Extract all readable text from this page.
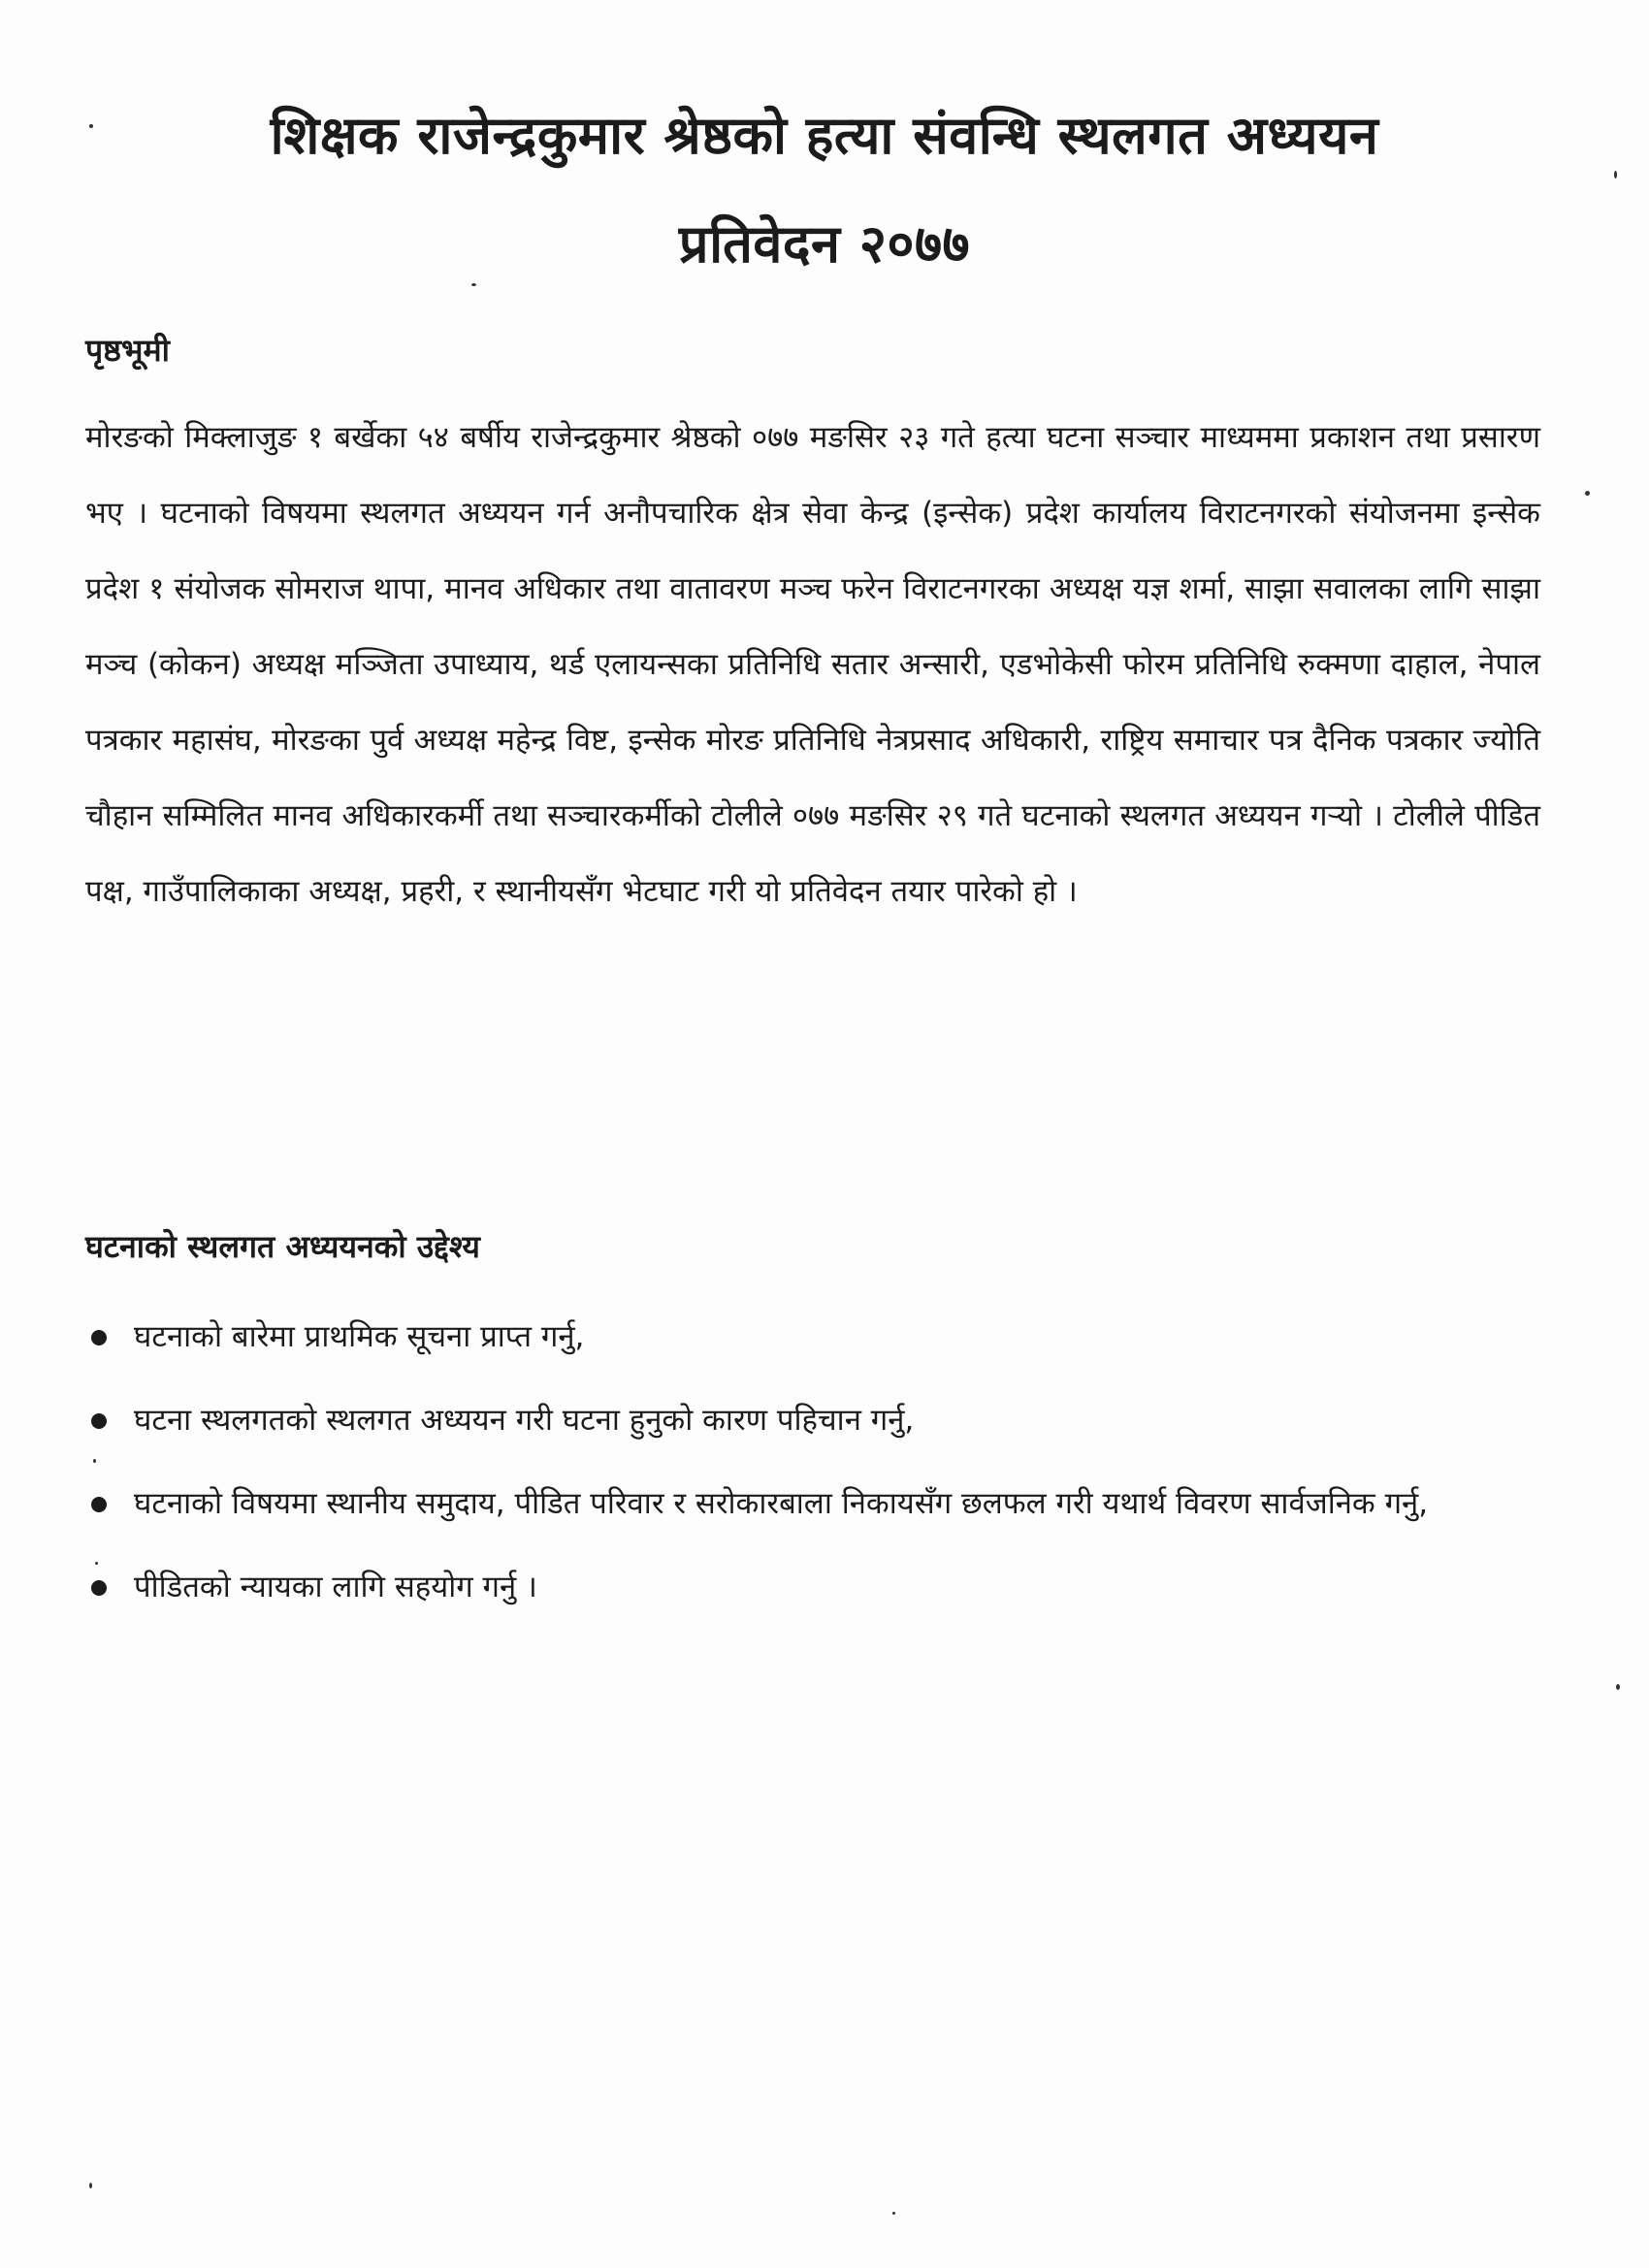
शिक्षक राजेन्द्रकुमार श्रेष्ठको हत्या संवन्धि स्थलगत अध्ययन
प्रतिवेदन २०७७
पृष्ठभूमी

मोरङको मिक्लाजुङ १ बर्खेका ५४ बर्षीय राजेन्द्रकुमार श्रेष्ठको ०७७ मङसिर २३ गते हत्या घटना सञ्चार माध्यममा प्रकाशन तथा प्रसारण भए । घटनाको विषयमा स्थलगत अध्ययन गर्न अनौपचारिक क्षेत्र सेवा केन्द्र (इन्सेक) प्रदेश कार्यालय विराटनगरको संयोजनमा इन्सेक प्रदेश १ संयोजक सोमराज थापा, मानव अधिकार तथा वातावरण मञ्च फरेन विराटनगरका अध्यक्ष यज्ञ शर्मा, साझा सवालका लागि साझा मञ्च (कोकन) अध्यक्ष मञ्जिता उपाध्याय, थर्ड एलायन्सका प्रतिनिधि सतार अन्सारी, एडभोकेसी फोरम प्रतिनिधि रुक्मणा दाहाल, नेपाल पत्रकार महासंघ, मोरङका पुर्व अध्यक्ष महेन्द्र विष्ट, इन्सेक मोरङ प्रतिनिधि नेत्रप्रसाद अधिकारी, राष्ट्रिय समाचार पत्र दैनिक पत्रकार ज्योति चौहान सम्मिलित मानव अधिकारकर्मी तथा सञ्चारकर्मीको टोलीले ०७७ मङसिर २९ गते घटनाको स्थलगत अध्ययन गऱ्यो । टोलीले पीडित पक्ष, गाउँपालिकाका अध्यक्ष, प्रहरी, र स्थानीयसँग भेटघाट गरी यो प्रतिवेदन तयार पारेको हो ।

घटनाको स्थलगत अध्ययनको उद्देश्य
घटनाको बारेमा प्राथमिक सूचना प्राप्त गर्नु,
घटना स्थलगतको स्थलगत अध्ययन गरी घटना हुनुको कारण पहिचान गर्नु,
घटनाको विषयमा स्थानीय समुदाय, पीडित परिवार र सरोकारबाला निकायसँग छलफल गरी यथार्थ विवरण सार्वजनिक गर्नु,
पीडितको न्यायका लागि सहयोग गर्नु ।
